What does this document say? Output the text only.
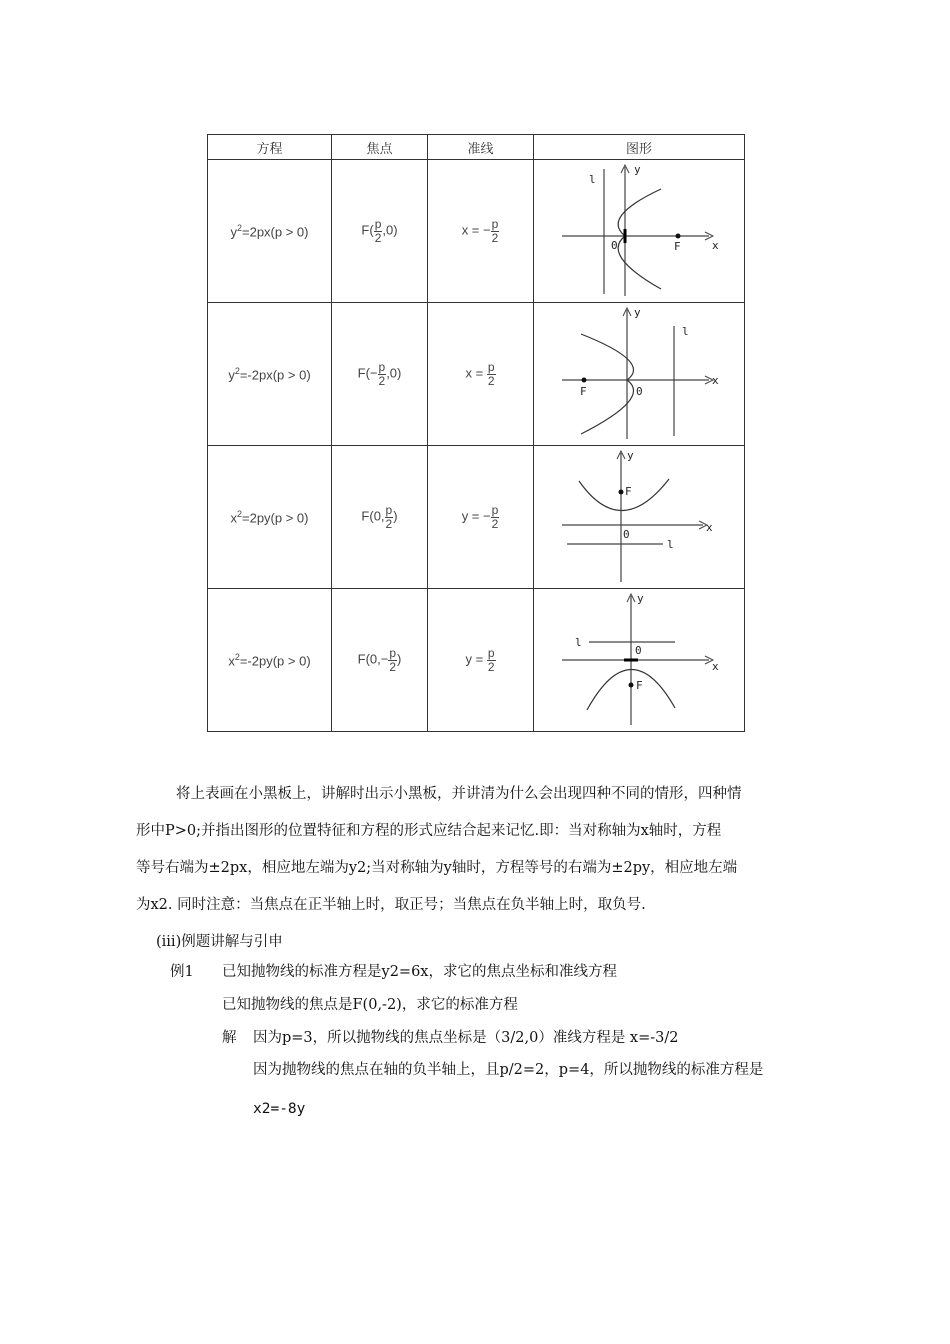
方程	焦点	准线	图形
$y^2=2px(p > 0)$	$F( \frac{p}{2} ,0)$	x = − $\frac{p}{2}$	y
x
0 F
l

$y^2=-2px(p > 0)$	$F(- \frac{p}{2} ,0)$	$x = \frac{p}{2}$	y
x
0
F
l

$x^2=2py(p > 0)$	F(0, $\frac{p}{2}$ )	y = − $\frac{p}{2}$	y
x
0
F
l

$x^2=-2py(p > 0)$	$F(0,- \frac{p}{2}$ )	$y = \frac{p}{2}$	y
x
0
F
l
将上表画在小黑板上，讲解时出示小黑板，并讲清为什么会出现四种不同的情形，四种情
形中P>0;并指出图形的位置特征和方程的形式应结合起来记忆.即：当对称轴为x轴时，方程
等号右端为±2px，相应地左端为y2;当对称轴为y轴时，方程等号的右端为±2py，相应地左端
为x2. 同时注意：当焦点在正半轴上时，取正号；当焦点在负半轴上时，取负号.
(iii)例题讲解与引申
例1 已知抛物线的标准方程是y2=6x，求它的焦点坐标和准线方程
已知抛物线的焦点是F(0,-2)，求它的标准方程
解 因为p=3，所以抛物线的焦点坐标是（3/2,0）准线方程是 x=-3/2
因为抛物线的焦点在轴的负半轴上，且p/2=2，p=4，所以抛物线的标准方程是
x2=-8y
